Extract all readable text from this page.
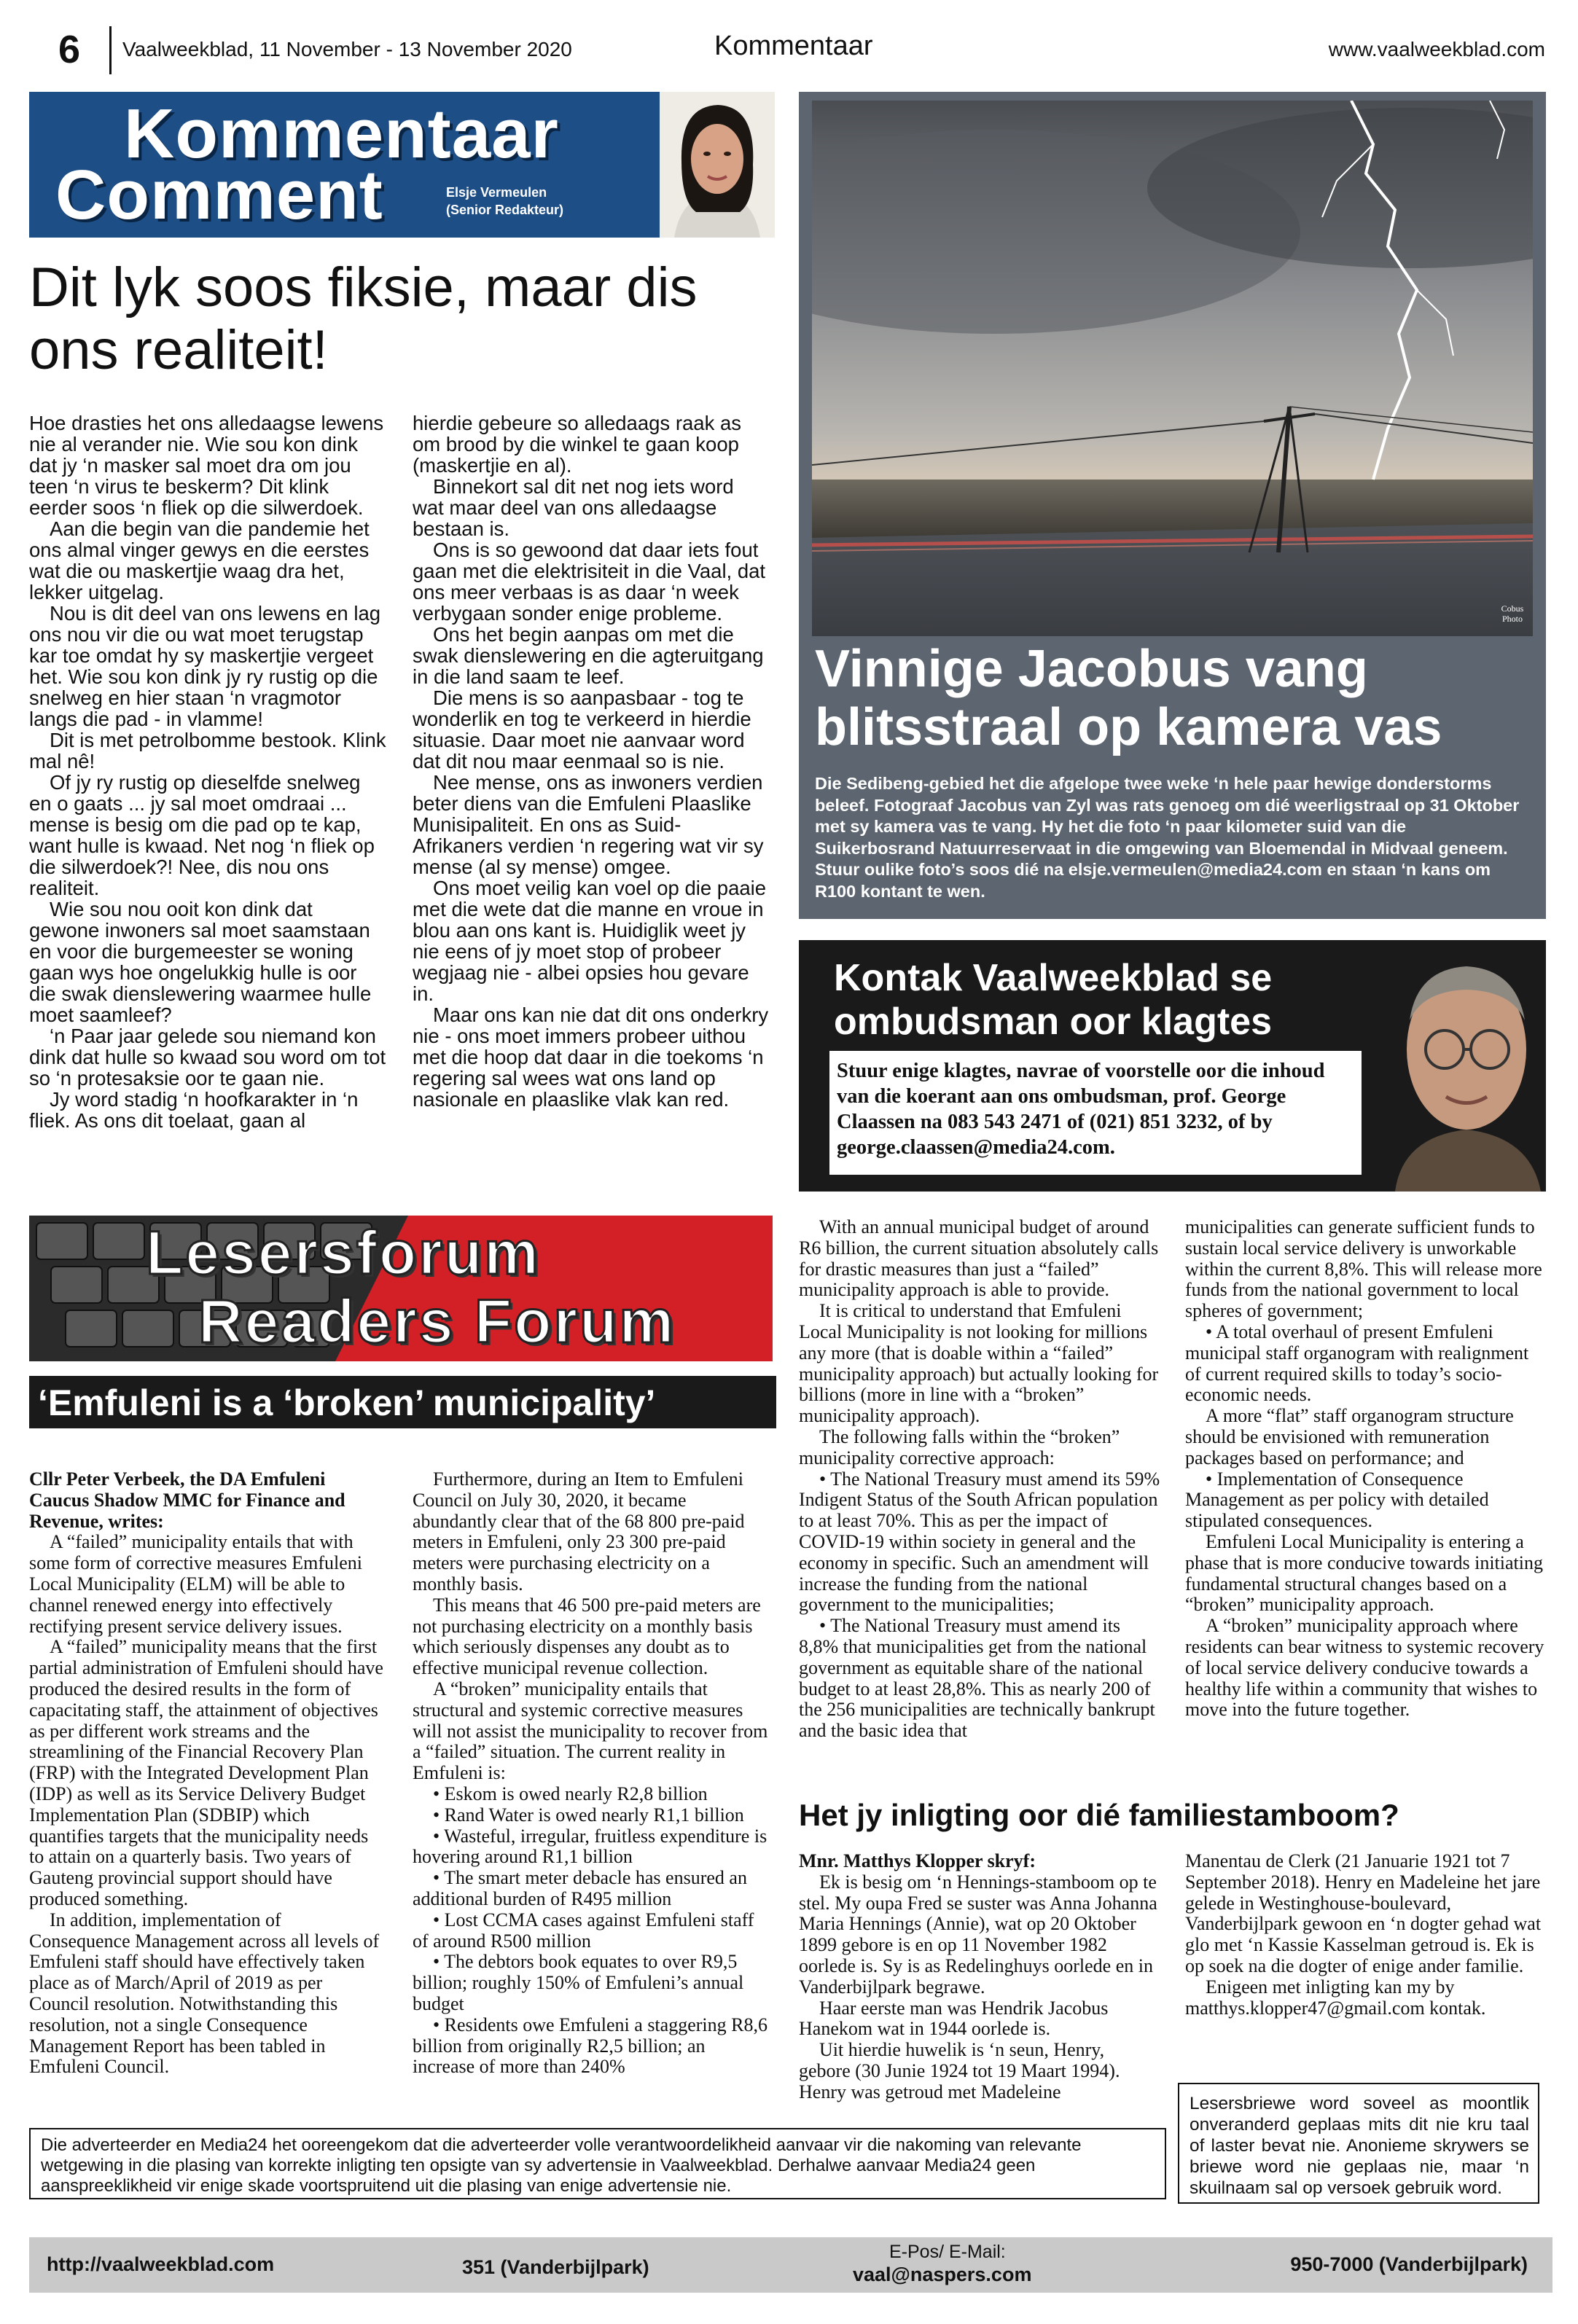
6 Vaalweekblad, 11 November - 13 November 2020	Kommentaar	www.vaalweekblad.com
Kommentaar
Comment	Elsje Vermeulen
(Senior Redakteur)
Dit lyk soos fiksie, maar dis ons realiteit!

Hoe drasties het ons alledaagse lewens nie al verander nie. Wie sou kon dink dat jy ‘n masker sal moet dra om jou teen ‘n virus te beskerm? Dit klink eerder soos ‘n fliek op die silwerdoek.

Aan die begin van die pandemie het ons almal vinger gewys en die eerstes wat die ou maskertjie waag dra het, lekker uitgelag.

Nou is dit deel van ons lewens en lag ons nou vir die ou wat moet terugstap kar toe omdat hy sy maskertjie vergeet het. Wie sou kon dink jy ry rustig op die snelweg en hier staan ‘n vragmotor langs die pad - in vlamme!

Dit is met petrolbomme bestook. Klink mal nê!

Of jy ry rustig op dieselfde snelweg en o gaats ... jy sal moet omdraai ... mense is besig om die pad op te kap, want hulle is kwaad. Net nog ‘n fliek op die silwerdoek?! Nee, dis nou ons realiteit.

Wie sou nou ooit kon dink dat gewone inwoners sal moet saamstaan en voor die burgemeester se woning gaan wys hoe ongelukkig hulle is oor die swak dienslewering waarmee hulle moet saamleef?

‘n Paar jaar gelede sou niemand kon dink dat hulle so kwaad sou word om tot so ‘n protesaksie oor te gaan nie.

Jy word stadig ‘n hoofkarakter in ‘n fliek. As ons dit toelaat, gaan al

hierdie gebeure so alledaags raak as om brood by die winkel te gaan koop (maskertjie en al).

Binnekort sal dit net nog iets word wat maar deel van ons alledaagse bestaan is.

Ons is so gewoond dat daar iets fout gaan met die elektrisiteit in die Vaal, dat ons meer verbaas is as daar ‘n week verbygaan sonder enige probleme.

Ons het begin aanpas om met die swak dienslewering en die agteruitgang in die land saam te leef.

Die mens is so aanpasbaar - tog te wonderlik en tog te verkeerd in hierdie situasie. Daar moet nie aanvaar word dat dit nou maar eenmaal so is nie.

Nee mense, ons as inwoners verdien beter diens van die Emfuleni Plaaslike Munisipaliteit. En ons as Suid-Afrikaners verdien ‘n regering wat vir sy mense (al sy mense) omgee.

Ons moet veilig kan voel op die paaie met die wete dat die manne en vroue in blou aan ons kant is. Huidiglik weet jy nie eens of jy moet stop of probeer wegjaag nie - albei opsies hou gevare in.

Maar ons kan nie dat dit ons onderkry nie - ons moet immers probeer uithou met die hoop dat daar in die toekoms ‘n regering sal wees wat ons land op nasionale en plaaslike vlak kan red.

Cobus Photo
Vinnige Jacobus vang blitsstraal op kamera vas
Die Sedibeng-gebied het die afgelope twee weke ‘n hele paar hewige donderstorms beleef. Fotograaf Jacobus van Zyl was rats genoeg om dié weerligstraal op 31 Oktober met sy kamera vas te vang. Hy het die foto ‘n paar kilometer suid van die Suikerbosrand Natuurreservaat in die omgewing van Bloemendal in Midvaal geneem. Stuur oulike foto’s soos dié na elsje.vermeulen@media24.com en staan ‘n kans om R100 kontant te wen.
Kontak Vaalweekblad se ombudsman oor klagtes
Stuur enige klagtes, navrae of voorstelle oor die inhoud van die koerant aan ons ombudsman, prof. George Claassen na 083 543 2471 of (021) 851 3232, of by george.claassen@media24.com.
Lesersforum
Readers Forum
‘Emfuleni is a ‘broken’ municipality’

Cllr Peter Verbeek, the DA Emfuleni Caucus Shadow MMC for Finance and Revenue, writes:

A “failed” municipality entails that with some form of corrective measures Emfuleni Local Municipality (ELM) will be able to channel renewed energy into effectively rectifying present service delivery issues.

A “failed” municipality means that the first partial administration of Emfuleni should have produced the desired results in the form of capacitating staff, the attainment of objectives as per different work streams and the streamlining of the Financial Recovery Plan (FRP) with the Integrated Development Plan (IDP) as well as its Service Delivery Budget Implementation Plan (SDBIP) which quantifies targets that the municipality needs to attain on a quarterly basis. Two years of Gauteng provincial support should have produced something.

In addition, implementation of Consequence Management across all levels of Emfuleni staff should have effectively taken place as of March/April of 2019 as per Council resolution. Notwithstanding this resolution, not a single Consequence Management Report has been tabled in Emfuleni Council.

Furthermore, during an Item to Emfuleni Council on July 30, 2020, it became abundantly clear that of the 68 800 pre-paid meters in Emfuleni, only 23 300 pre-paid meters were purchasing electricity on a monthly basis.

This means that 46 500 pre-paid meters are not purchasing electricity on a monthly basis which seriously dispenses any doubt as to effective municipal revenue collection.

A “broken” municipality entails that structural and systemic corrective measures will not assist the municipality to recover from a “failed” situation. The current reality in Emfuleni is:

• Eskom is owed nearly R2,8 billion

• Rand Water is owed nearly R1,1 billion

• Wasteful, irregular, fruitless expenditure is hovering around R1,1 billion

• The smart meter debacle has ensured an additional burden of R495 million

• Lost CCMA cases against Emfuleni staff of around R500 million

• The debtors book equates to over R9,5 billion; roughly 150% of Emfuleni’s annual budget

• Residents owe Emfuleni a staggering R8,6 billion from originally R2,5 billion; an increase of more than 240%

With an annual municipal budget of around R6 billion, the current situation absolutely calls for drastic measures than just a “failed” municipality approach is able to provide.

It is critical to understand that Emfuleni Local Municipality is not looking for millions any more (that is doable within a “failed” municipality approach) but actually looking for billions (more in line with a “broken” municipality approach).

The following falls within the “broken” municipality corrective approach:

• The National Treasury must amend its 59% Indigent Status of the South African population to at least 70%. This as per the impact of COVID-19 within society in general and the economy in specific. Such an amendment will increase the funding from the national government to the municipalities;

• The National Treasury must amend its 8,8% that municipalities get from the national government as equitable share of the national budget to at least 28,8%. This as nearly 200 of the 256 municipalities are technically bankrupt and the basic idea that

municipalities can generate sufficient funds to sustain local service delivery is unworkable within the current 8,8%. This will release more funds from the national government to local spheres of government;

• A total overhaul of present Emfuleni municipal staff organogram with realignment of current required skills to today’s socio-economic needs.

A more “flat” staff organogram structure should be envisioned with remuneration packages based on performance; and

• Implementation of Consequence Management as per policy with detailed stipulated consequences.

Emfuleni Local Municipality is entering a phase that is more conducive towards initiating fundamental structural changes based on a “broken” municipality approach.

A “broken” municipality approach where residents can bear witness to systemic recovery of local service delivery conducive towards a healthy life within a community that wishes to move into the future together.

Het jy inligting oor dié familiestamboom?

Mnr. Matthys Klopper skryf:

Ek is besig om ‘n Hennings-stamboom op te stel. My oupa Fred se suster was Anna Johanna Maria Hennings (Annie), wat op 20 Oktober 1899 gebore is en op 11 November 1982 oorlede is. Sy is as Redelinghuys oorlede en in Vanderbijlpark begrawe.

Haar eerste man was Hendrik Jacobus Hanekom wat in 1944 oorlede is.

Uit hierdie huwelik is ‘n seun, Henry, gebore (30 Junie 1924 tot 19 Maart 1994). Henry was getroud met Madeleine

Manentau de Clerk (21 Januarie 1921 tot 7 September 2018). Henry en Madeleine het jare gelede in Westinghouse-boulevard, Vanderbijlpark gewoon en ‘n dogter gehad wat glo met ‘n Kassie Kasselman getroud is. Ek is op soek na die dogter of enige ander familie.

Enigeen met inligting kan my by matthys.klopper47@gmail.com kontak.

Lesersbriewe word soveel as moontlik onveranderd geplaas mits dit nie kru taal of laster bevat nie. Anonieme skrywers se briewe word nie geplaas nie, maar ‘n skuilnaam sal op versoek gebruik word.
Die adverteerder en Media24 het ooreengekom dat die adverteerder volle verantwoordelikheid aanvaar vir die nakoming van relevante wetgewing in die plasing van korrekte inligting ten opsigte van sy advertensie in Vaalweekblad. Derhalwe aanvaar Media24 geen aanspreeklikheid vir enige skade voortspruitend uit die plasing van enige advertensie nie.
http://vaalweekblad.com	351 (Vanderbijlpark)
E-Pos/ E-Mail:
vaal@naspers.com	950-7000 (Vanderbijlpark)
